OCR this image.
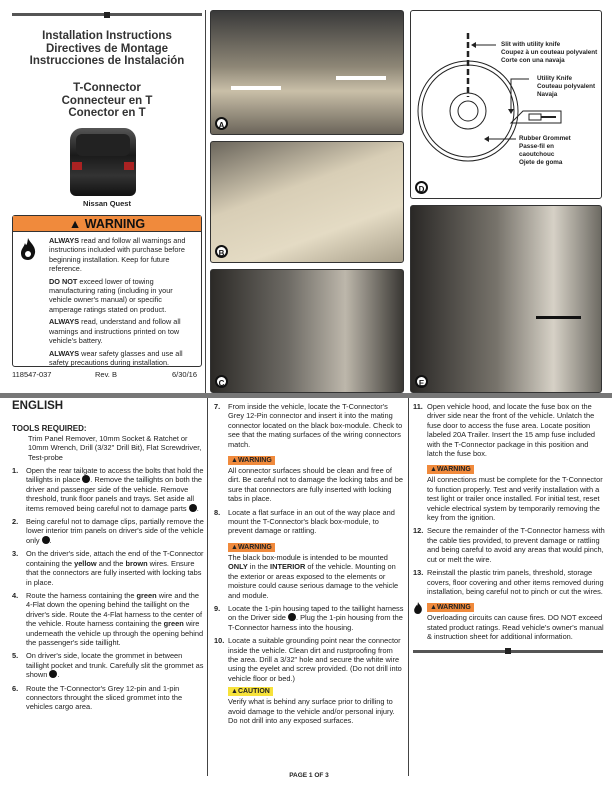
Installation Instructions
Directives de Montage
Instrucciones de Instalación
T-Connector
Connecteur en T
Conector en T
Nissan Quest
▲ WARNING

ALWAYS read and follow all warnings and instructions included with purchase before beginning installation. Keep for future reference.

DO NOT exceed lower of towing manufacturing rating (including in your vehicle owner's manual) or specific amperage ratings stated on product.

ALWAYS read, understand and follow all warnings and instructions printed on tow vehicle's battery.

ALWAYS wear safety glasses and use all safety precautions during installation.

118547-037	Rev. B	6/30/16
A
B
C
Slit with utility knife
Coupez à un couteau polyvalent
Corte con una navaja
Utility Knife
Couteau polyvalent
Navaja
Rubber Grommet
Passe-fil en caoutchouc
Ojete de goma
D
E
ENGLISH
TOOLS REQUIRED:
Trim Panel Remover, 10mm Socket & Ratchet or 10mm Wrench, Drill (3/32" Drill Bit), Flat Screwdriver, Test-probe
1.	Open the rear tailgate to access the bolts that hold the taillights in place . Remove the taillights on both the driver and passenger side of the vehicle. Remove threshold, trunk floor panels and trays. Set aside all items removed being careful not to damage parts .
2.	Being careful not to damage clips, partially remove the lower interior trim panels on driver's side of the vehicle only .
3.	On the driver's side, attach the end of the T-Connector containing the yellow and the brown wires. Ensure that the connectors are fully inserted with locking tabs in place.
4.	Route the harness containing the green wire and the 4-Flat down the opening behind the taillight on the driver's side. Route the 4-Flat harness to the center of the vehicle. Route harness containing the green wire underneath the vehicle up through the opening behind the passenger's side taillight.
5.	On driver's side, locate the grommet in between taillight pocket and trunk. Carefully slit the grommet as shown .
6.	Route the T-Connector's Grey 12-pin and 1-pin connectors throught the sliced grommet into the vehicles cargo area.
7.	From inside the vehicle, locate the T-Connector's Grey 12-Pin connector and insert it into the mating connector located on the black box-module. Check to see that the mating surfaces of the wiring connectors match.
▲WARNING
All connector surfaces should be clean and free of dirt. Be careful not to damage the locking tabs and be sure that connectors are fully inserted with locking tabs in place.
8.	Locate a flat surface in an out of the way place and mount the T-Connector's black box-module, to prevent damage or rattling.
▲WARNING
The black box-module is intended to be mounted ONLY in the INTERIOR of the vehicle. Mounting on the exterior or areas exposed to the elements or moisture could cause serious damage to the vehicle and module.
9.	Locate the 1-pin housing taped to the taillight harness on the Driver side . Plug the 1-pin housing from the T-Connector harness into the housing.
10. Locate a suitable grounding point near the connector inside the vehicle. Clean dirt and rustproofing from the area. Drill a 3/32" hole and secure the white wire using the eyelet and screw provided. (Do not drill into vehicle floor or bed.)
▲CAUTION
Verify what is behind any surface prior to drilling to avoid damage to the vehicle and/or personal injury. Do not drill into any exposed surfaces.
PAGE 1 OF 3
11. Open vehicle hood, and locate the fuse box on the driver side near the front of the vehicle. Unlatch the fuse door to access the fuse area. Locate position labeled 20A Trailer. Insert the 15 amp fuse included with the T-Connector package in this position and latch the fuse box.
▲WARNING
All connections must be complete for the T-Connector to function properly. Test and verify installation with a test light or trailer once installed. For initial test, reset vehicle electrical system by temporarily removing the key from the ignition.
12. Secure the remainder of the T-Connector harness with the cable ties provided, to prevent damage or rattling and being careful to avoid any areas that would pinch, cut or melt the wire.
13. Reinstall the plastic trim panels, threshold, storage covers, floor covering and other items removed during installation, being careful not to pinch or cut the wires.
▲WARNING
Overloading circuits can cause fires. DO NOT exceed stated product ratings. Read vehicle's owner's manual & instruction sheet for additional information.
